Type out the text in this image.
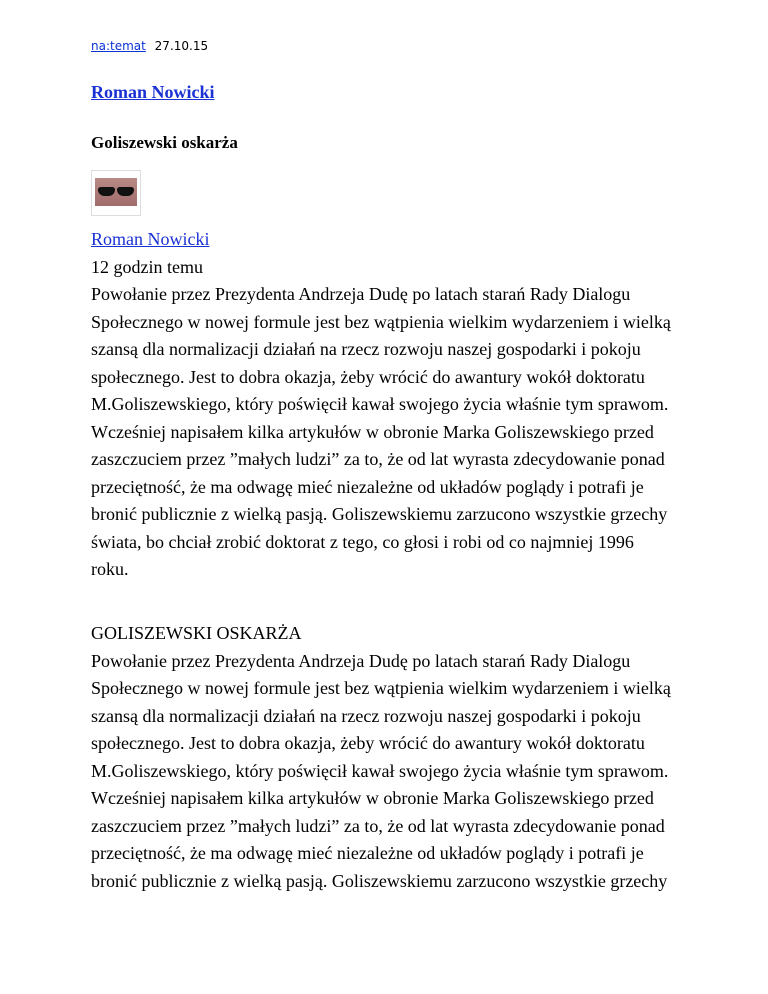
na:temat 27.10.15
Roman Nowicki
Goliszewski oskarża

Roman Nowicki

12 godzin temu

Powołanie przez Prezydenta Andrzeja Dudę po latach starań Rady Dialogu

Społecznego w nowej formule jest bez wątpienia wielkim wydarzeniem i wielką

szansą dla normalizacji działań na rzecz rozwoju naszej gospodarki i pokoju

społecznego. Jest to dobra okazja, żeby wrócić do awantury wokół doktoratu

M.Goliszewskiego, który poświęcił kawał swojego życia właśnie tym sprawom.

Wcześniej napisałem kilka artykułów w obronie Marka Goliszewskiego przed

zaszczuciem przez ”małych ludzi” za to, że od lat wyrasta zdecydowanie ponad

przeciętność, że ma odwagę mieć niezależne od układów poglądy i potrafi je

bronić publicznie z wielką pasją. Goliszewskiemu zarzucono wszystkie grzechy

świata, bo chciał zrobić doktorat z tego, co głosi i robi od co najmniej 1996

roku.

GOLISZEWSKI OSKARŻA

Powołanie przez Prezydenta Andrzeja Dudę po latach starań Rady Dialogu

Społecznego w nowej formule jest bez wątpienia wielkim wydarzeniem i wielką

szansą dla normalizacji działań na rzecz rozwoju naszej gospodarki i pokoju

społecznego. Jest to dobra okazja, żeby wrócić do awantury wokół doktoratu

M.Goliszewskiego, który poświęcił kawał swojego życia właśnie tym sprawom.

Wcześniej napisałem kilka artykułów w obronie Marka Goliszewskiego przed

zaszczuciem przez ”małych ludzi” za to, że od lat wyrasta zdecydowanie ponad

przeciętność, że ma odwagę mieć niezależne od układów poglądy i potrafi je

bronić publicznie z wielką pasją. Goliszewskiemu zarzucono wszystkie grzechy
